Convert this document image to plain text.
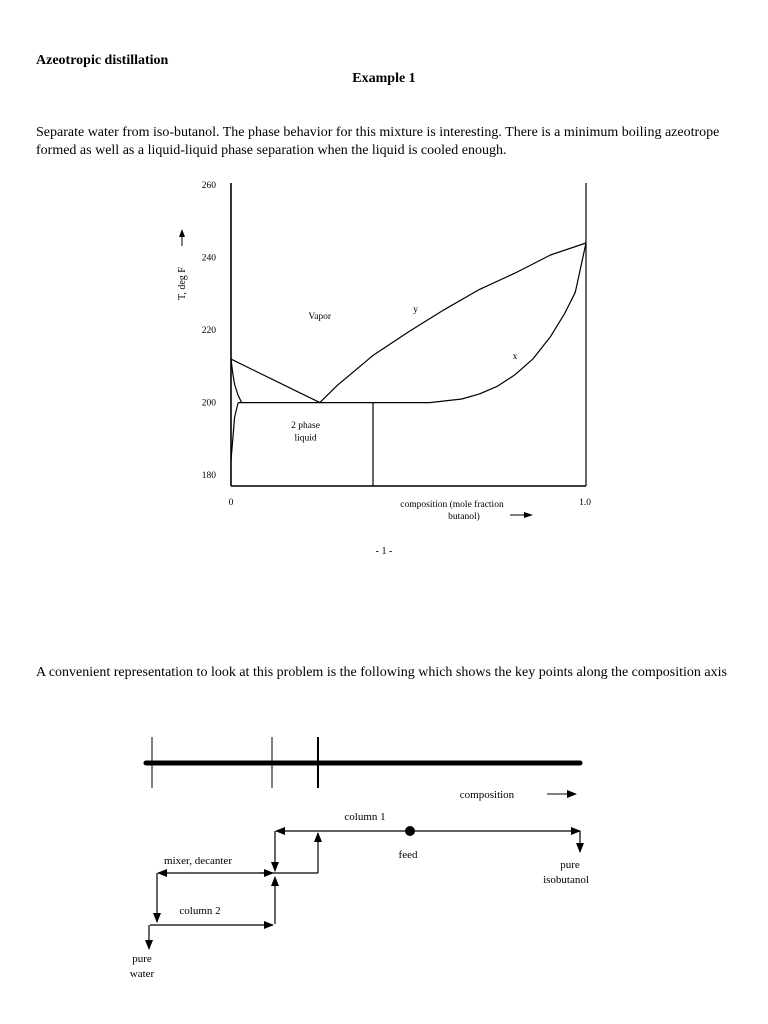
Azeotropic distillation
Example 1
Separate water from iso-butanol. The phase behavior for this mixture is interesting. There is a minimum boiling azeotrope formed as well as a liquid-liquid phase separation when the liquid is cooled enough.
180
200
220
240
260
0	1.0
Vapor
y
x
2 phase
liquid
T, deg F
composition (mole fraction
butanol)
- 1 -
A convenient representation to look at this problem is the following which shows the key points along the composition axis
composition
column 1
feed
pure
isobutanol
mixer, decanter
column 2
pure
water
